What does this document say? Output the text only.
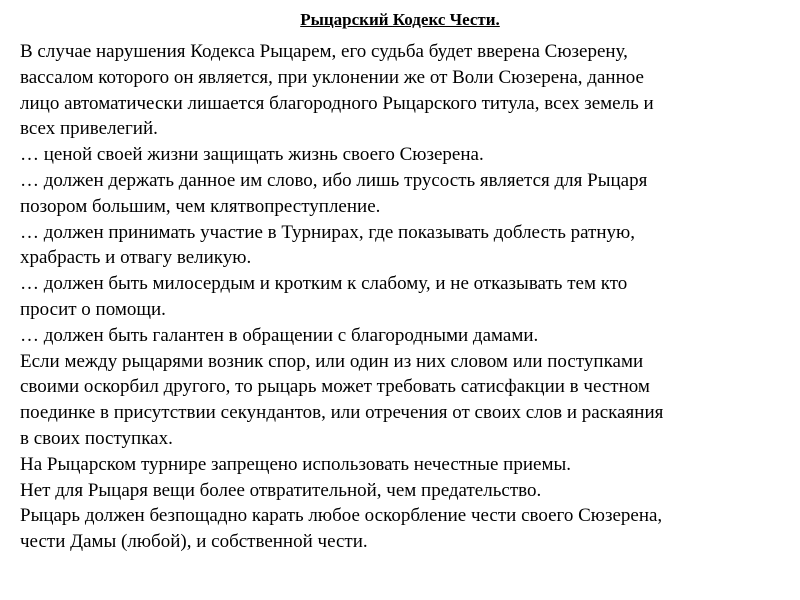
Рыцарский Кодекс Чести.
В случае нарушения Кодекса Рыцарем, его судьба будет вверена Сюзерену,
вассалом которого он является, при уклонении же от Воли Сюзерена, данное
лицо автоматически лишается благородного Рыцарского титула, всех земель и
всех привелегий.
… ценой своей жизни защищать жизнь своего Сюзерена.
… должен держать данное им слово, ибо лишь трусость является для Рыцаря
позором большим, чем клятвопреступление.
… должен принимать участие в Турнирах, где показывать доблесть ратную,
храбрасть и отвагу великую.
… должен быть милосердым и кротким к слабому, и не отказывать тем кто
просит о помощи.
… должен быть галантен в обращении с благородными дамами.
Если между рыцарями возник спор, или один из них словом или поступками
своими оскорбил другого, то рыцарь может требовать сатисфакции в честном
поединке в присутствии секундантов, или отречения от своих слов и раскаяния
в своих поступках.
На Рыцарском турнире запрещено использовать нечестные приемы.
Нет для Рыцаря вещи более отвратительной, чем предательство.
Рыцарь должен безпощадно карать любое оскорбление чести своего Сюзерена,
чести Дамы (любой), и собственной чести.
